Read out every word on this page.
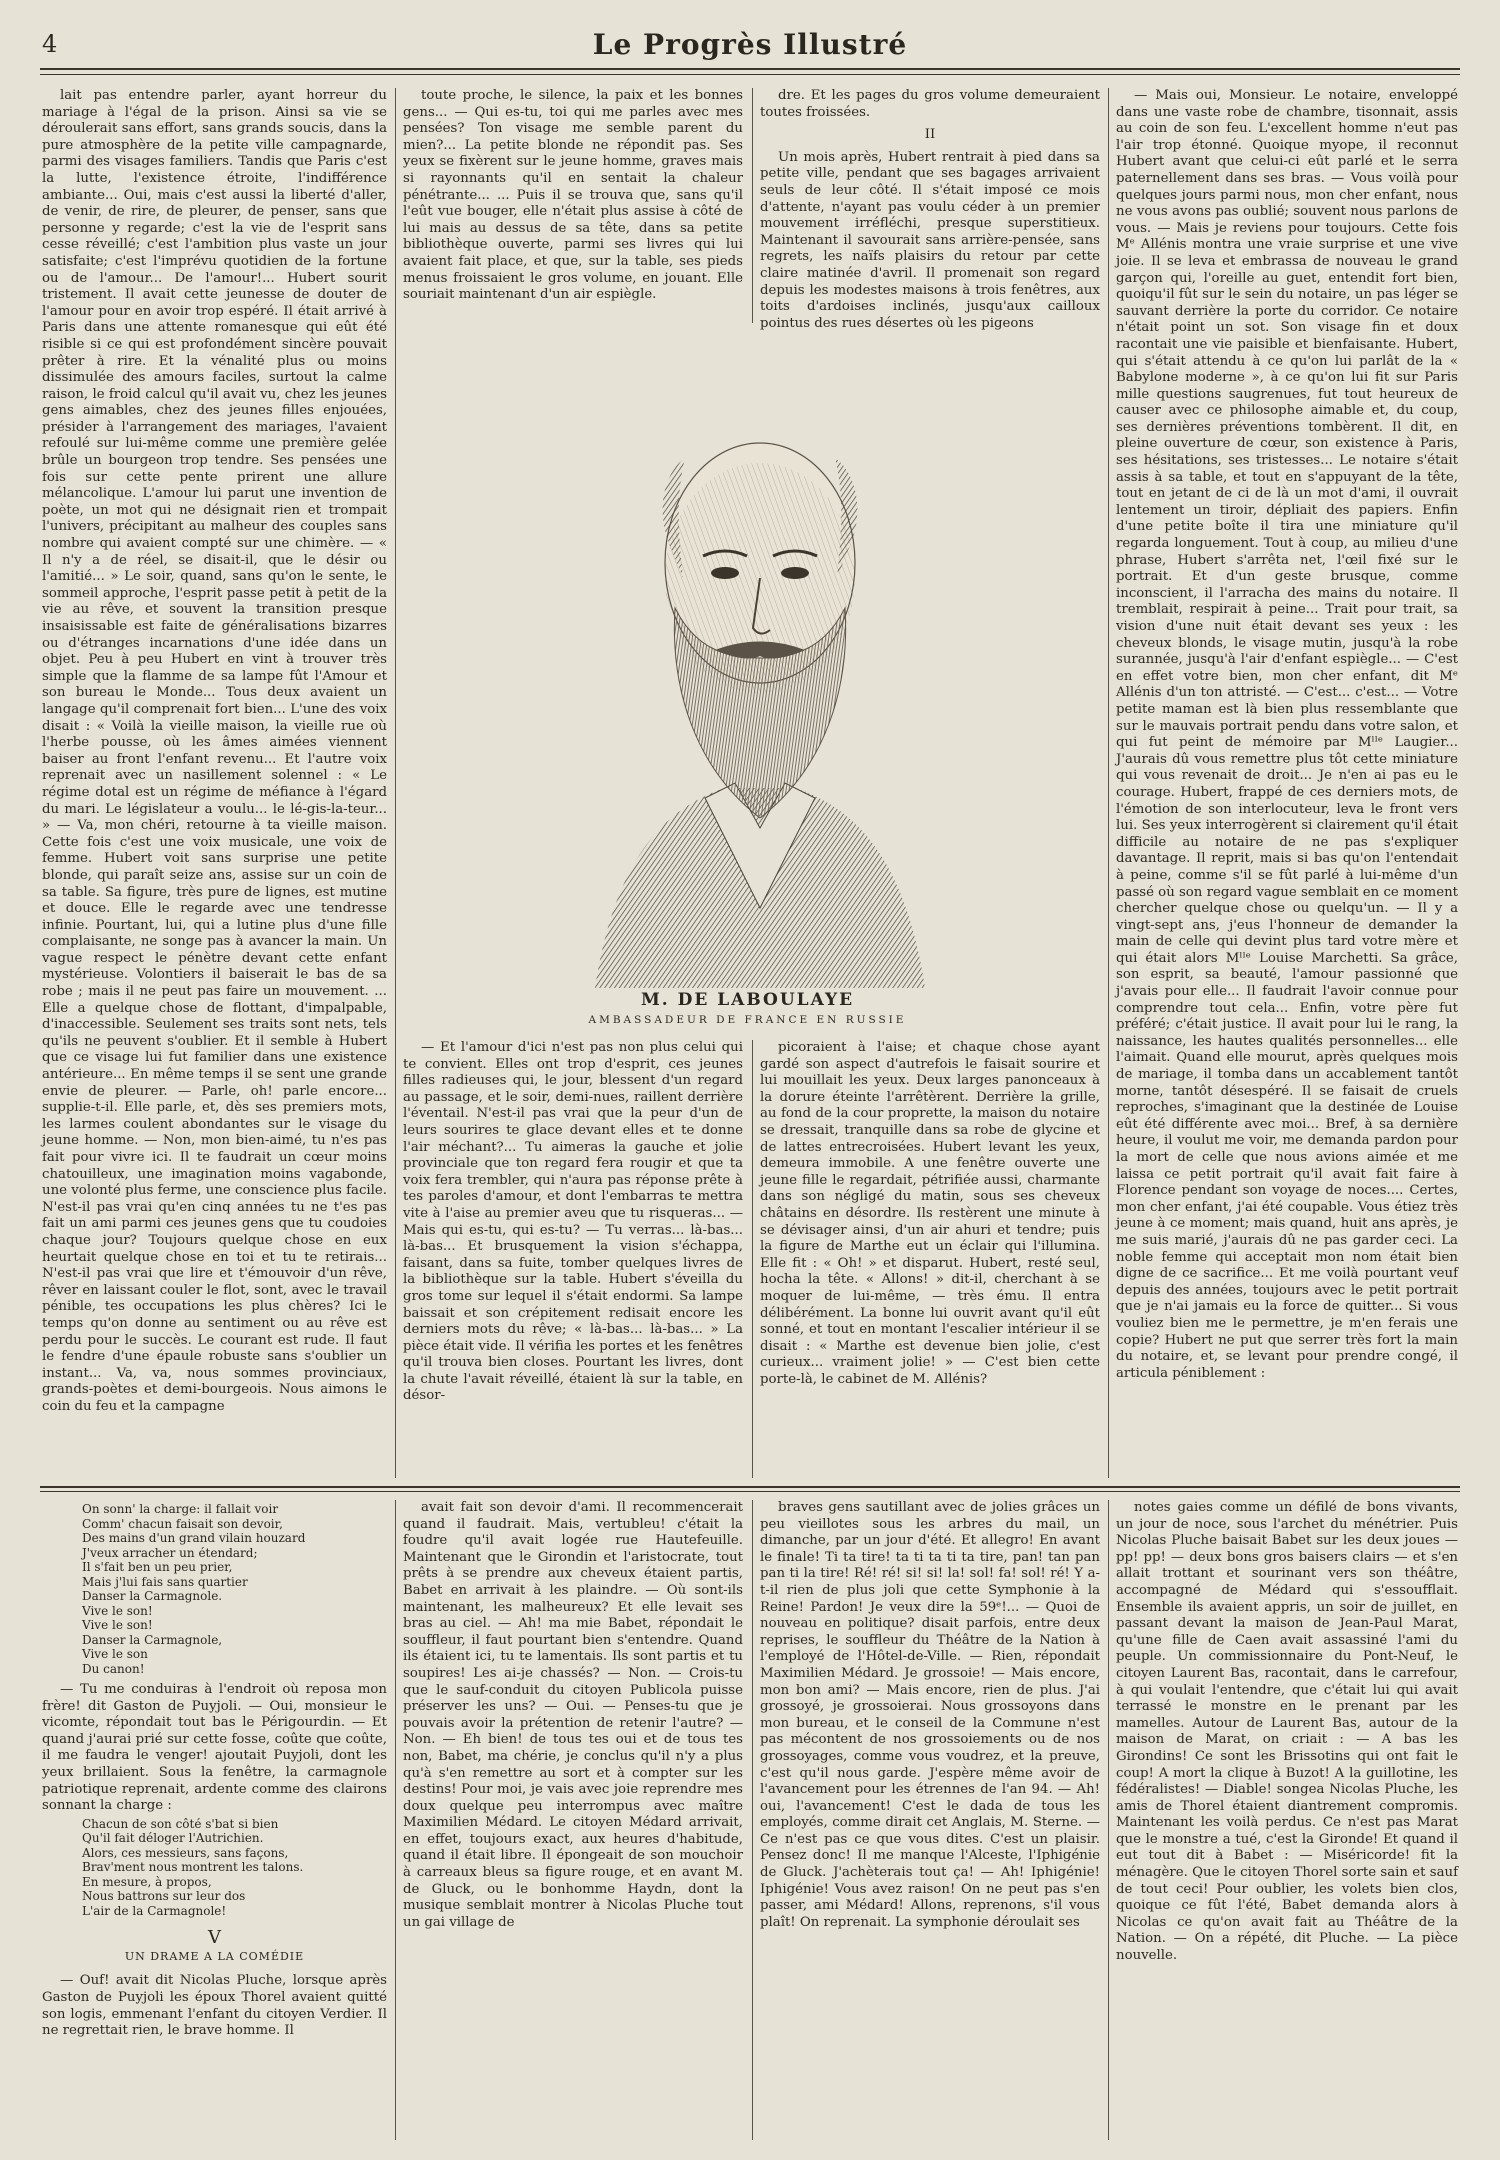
4	Le Progrès Illustré

lait pas entendre parler, ayant horreur du mariage à l'égal de la prison. Ainsi sa vie se déroulerait sans effort, sans grands soucis, dans la pure atmosphère de la petite ville campagnarde, parmi des visages familiers. Tandis que Paris c'est la lutte, l'existence étroite, l'indifférence ambiante... Oui, mais c'est aussi la liberté d'aller, de venir, de rire, de pleurer, de penser, sans que personne y regarde; c'est la vie de l'esprit sans cesse réveillé; c'est l'ambition plus vaste un jour satisfaite; c'est l'imprévu quotidien de la fortune ou de l'amour... De l'amour!... Hubert sourit tristement. Il avait cette jeunesse de douter de l'amour pour en avoir trop espéré. Il était arrivé à Paris dans une attente romanesque qui eût été risible si ce qui est profondément sincère pouvait prêter à rire. Et la vénalité plus ou moins dissimulée des amours faciles, surtout la calme raison, le froid calcul qu'il avait vu, chez les jeunes gens aimables, chez des jeunes filles enjouées, présider à l'arrangement des mariages, l'avaient refoulé sur lui-même comme une première gelée brûle un bourgeon trop tendre. Ses pensées une fois sur cette pente prirent une allure mélancolique. L'amour lui parut une invention de poète, un mot qui ne désignait rien et trompait l'univers, précipitant au malheur des couples sans nombre qui avaient compté sur une chimère. — « Il n'y a de réel, se disait-il, que le désir ou l'amitié... » Le soir, quand, sans qu'on le sente, le sommeil approche, l'esprit passe petit à petit de la vie au rêve, et souvent la transition presque insaisissable est faite de généralisations bizarres ou d'étranges incarnations d'une idée dans un objet. Peu à peu Hubert en vint à trouver très simple que la flamme de sa lampe fût l'Amour et son bureau le Monde... Tous deux avaient un langage qu'il comprenait fort bien... L'une des voix disait : « Voilà la vieille maison, la vieille rue où l'herbe pousse, où les âmes aimées viennent baiser au front l'enfant revenu... Et l'autre voix reprenait avec un nasillement solennel : « Le régime dotal est un régime de méfiance à l'égard du mari. Le législateur a voulu... le lé-gis-la-teur... » — Va, mon chéri, retourne à ta vieille maison. Cette fois c'est une voix musicale, une voix de femme. Hubert voit sans surprise une petite blonde, qui paraît seize ans, assise sur un coin de sa table. Sa figure, très pure de lignes, est mutine et douce. Elle le regarde avec une tendresse infinie. Pourtant, lui, qui a lutine plus d'une fille complaisante, ne songe pas à avancer la main. Un vague respect le pénètre devant cette enfant mystérieuse. Volontiers il baiserait le bas de sa robe ; mais il ne peut pas faire un mouvement. ... Elle a quelque chose de flottant, d'impalpable, d'inaccessible. Seulement ses traits sont nets, tels qu'ils ne peuvent s'oublier. Et il semble à Hubert que ce visage lui fut familier dans une existence antérieure... En même temps il se sent une grande envie de pleurer. — Parle, oh! parle encore... supplie-t-il. Elle parle, et, dès ses premiers mots, les larmes coulent abondantes sur le visage du jeune homme. — Non, mon bien-aimé, tu n'es pas fait pour vivre ici. Il te faudrait un cœur moins chatouilleux, une imagination moins vagabonde, une volonté plus ferme, une conscience plus facile. N'est-il pas vrai qu'en cinq années tu ne t'es pas fait un ami parmi ces jeunes gens que tu coudoies chaque jour? Toujours quelque chose en eux heurtait quelque chose en toi et tu te retirais... N'est-il pas vrai que lire et t'émouvoir d'un rêve, rêver en laissant couler le flot, sont, avec le travail pénible, tes occupations les plus chères? Ici le temps qu'on donne au sentiment ou au rêve est perdu pour le succès. Le courant est rude. Il faut le fendre d'une épaule robuste sans s'oublier un instant... Va, va, nous sommes provinciaux, grands-poètes et demi-bourgeois. Nous aimons le coin du feu et la campagne

toute proche, le silence, la paix et les bonnes gens... — Qui es-tu, toi qui me parles avec mes pensées? Ton visage me semble parent du mien?... La petite blonde ne répondit pas. Ses yeux se fixèrent sur le jeune homme, graves mais si rayonnants qu'il en sentait la chaleur pénétrante... ... Puis il se trouva que, sans qu'il l'eût vue bouger, elle n'était plus assise à côté de lui mais au dessus de sa tête, dans sa petite bibliothèque ouverte, parmi ses livres qui lui avaient fait place, et que, sur la table, ses pieds menus froissaient le gros volume, en jouant. Elle souriait maintenant d'un air espiègle.

dre. Et les pages du gros volume demeuraient toutes froissées.

II

Un mois après, Hubert rentrait à pied dans sa petite ville, pendant que ses bagages arrivaient seuls de leur côté. Il s'était imposé ce mois d'attente, n'ayant pas voulu céder à un premier mouvement irréfléchi, presque superstitieux. Maintenant il savourait sans arrière-pensée, sans regrets, les naïfs plaisirs du retour par cette claire matinée d'avril. Il promenait son regard depuis les modestes maisons à trois fenêtres, aux toits d'ardoises inclinés, jusqu'aux cailloux pointus des rues désertes où les pigeons

— Mais oui, Monsieur. Le notaire, enveloppé dans une vaste robe de chambre, tisonnait, assis au coin de son feu. L'excellent homme n'eut pas l'air trop étonné. Quoique myope, il reconnut Hubert avant que celui-ci eût parlé et le serra paternellement dans ses bras. — Vous voilà pour quelques jours parmi nous, mon cher enfant, nous ne vous avons pas oublié; souvent nous parlons de vous. — Mais je reviens pour toujours. Cette fois Mᵉ Allénis montra une vraie surprise et une vive joie. Il se leva et embrassa de nouveau le grand garçon qui, l'oreille au guet, entendit fort bien, quoiqu'il fût sur le sein du notaire, un pas léger se sauvant derrière la porte du corridor. Ce notaire n'était point un sot. Son visage fin et doux racontait une vie paisible et bienfaisante. Hubert, qui s'était attendu à ce qu'on lui parlât de la « Babylone moderne », à ce qu'on lui fit sur Paris mille questions saugrenues, fut tout heureux de causer avec ce philosophe aimable et, du coup, ses dernières préventions tombèrent. Il dit, en pleine ouverture de cœur, son existence à Paris, ses hésitations, ses tristesses... Le notaire s'était assis à sa table, et tout en s'appuyant de la tête, tout en jetant de ci de là un mot d'ami, il ouvrait lentement un tiroir, dépliait des papiers. Enfin d'une petite boîte il tira une miniature qu'il regarda longuement. Tout à coup, au milieu d'une phrase, Hubert s'arrêta net, l'œil fixé sur le portrait. Et d'un geste brusque, comme inconscient, il l'arracha des mains du notaire. Il tremblait, respirait à peine... Trait pour trait, sa vision d'une nuit était devant ses yeux : les cheveux blonds, le visage mutin, jusqu'à la robe surannée, jusqu'à l'air d'enfant espiègle... — C'est en effet votre bien, mon cher enfant, dit Mᵉ Allénis d'un ton attristé. — C'est... c'est... — Votre petite maman est là bien plus ressemblante que sur le mauvais portrait pendu dans votre salon, et qui fut peint de mémoire par Mˡˡᵉ Laugier... J'aurais dû vous remettre plus tôt cette miniature qui vous revenait de droit... Je n'en ai pas eu le courage. Hubert, frappé de ces derniers mots, de l'émotion de son interlocuteur, leva le front vers lui. Ses yeux interrogèrent si clairement qu'il était difficile au notaire de ne pas s'expliquer davantage. Il reprit, mais si bas qu'on l'entendait à peine, comme s'il se fût parlé à lui-même d'un passé où son regard vague semblait en ce moment chercher quelque chose ou quelqu'un. — Il y a vingt-sept ans, j'eus l'honneur de demander la main de celle qui devint plus tard votre mère et qui était alors Mˡˡᵉ Louise Marchetti. Sa grâce, son esprit, sa beauté, l'amour passionné que j'avais pour elle... Il faudrait l'avoir connue pour comprendre tout cela... Enfin, votre père fut préféré; c'était justice. Il avait pour lui le rang, la naissance, les hautes qualités personnelles... elle l'aimait. Quand elle mourut, après quelques mois de mariage, il tomba dans un accablement tantôt morne, tantôt désespéré. Il se faisait de cruels reproches, s'imaginant que la destinée de Louise eût été différente avec moi... Bref, à sa dernière heure, il voulut me voir, me demanda pardon pour la mort de celle que nous avions aimée et me laissa ce petit portrait qu'il avait fait faire à Florence pendant son voyage de noces.... Certes, mon cher enfant, j'ai été coupable. Vous étiez très jeune à ce moment; mais quand, huit ans après, je me suis marié, j'aurais dû ne pas garder ceci. La noble femme qui acceptait mon nom était bien digne de ce sacrifice... Et me voilà pourtant veuf depuis des années, toujours avec le petit portrait que je n'ai jamais eu la force de quitter... Si vous vouliez bien me le permettre, je m'en ferais une copie? Hubert ne put que serrer très fort la main du notaire, et, se levant pour prendre congé, il articula péniblement :

M. DE LABOULAYE
AMBASSADEUR DE FRANCE EN RUSSIE

— Et l'amour d'ici n'est pas non plus celui qui te convient. Elles ont trop d'esprit, ces jeunes filles radieuses qui, le jour, blessent d'un regard au passage, et le soir, demi-nues, raillent derrière l'éventail. N'est-il pas vrai que la peur d'un de leurs sourires te glace devant elles et te donne l'air méchant?... Tu aimeras la gauche et jolie provinciale que ton regard fera rougir et que ta voix fera trembler, qui n'aura pas réponse prête à tes paroles d'amour, et dont l'embarras te mettra vite à l'aise au premier aveu que tu risqueras... — Mais qui es-tu, qui es-tu? — Tu verras... là-bas... là-bas... Et brusquement la vision s'échappa, faisant, dans sa fuite, tomber quelques livres de la bibliothèque sur la table. Hubert s'éveilla du gros tome sur lequel il s'était endormi. Sa lampe baissait et son crépitement redisait encore les derniers mots du rêve; « là-bas... là-bas... » La pièce était vide. Il vérifia les portes et les fenêtres qu'il trouva bien closes. Pourtant les livres, dont la chute l'avait réveillé, étaient là sur la table, en désor-

picoraient à l'aise; et chaque chose ayant gardé son aspect d'autrefois le faisait sourire et lui mouillait les yeux. Deux larges panonceaux à la dorure éteinte l'arrêtèrent. Derrière la grille, au fond de la cour proprette, la maison du notaire se dressait, tranquille dans sa robe de glycine et de lattes entrecroisées. Hubert levant les yeux, demeura immobile. A une fenêtre ouverte une jeune fille le regardait, pétrifiée aussi, charmante dans son négligé du matin, sous ses cheveux châtains en désordre. Ils restèrent une minute à se dévisager ainsi, d'un air ahuri et tendre; puis la figure de Marthe eut un éclair qui l'illumina. Elle fit : « Oh! » et disparut. Hubert, resté seul, hocha la tête. « Allons! » dit-il, cherchant à se moquer de lui-même, — très ému. Il entra délibérément. La bonne lui ouvrit avant qu'il eût sonné, et tout en montant l'escalier intérieur il se disait : « Marthe est devenue bien jolie, c'est curieux... vraiment jolie! » — C'est bien cette porte-là, le cabinet de M. Allénis?

On sonn' la charge: il fallait voir
Comm' chacun faisait son devoir,
Des mains d'un grand vilain houzard
J'veux arracher un étendard;
Il s'fait ben un peu prier,
Mais j'lui fais sans quartier
Danser la Carmagnole.
Vive le son!
Vive le son!
Danser la Carmagnole,
Vive le son
Du canon!

— Tu me conduiras à l'endroit où reposa mon frère! dit Gaston de Puyjoli. — Oui, monsieur le vicomte, répondait tout bas le Périgourdin. — Et quand j'aurai prié sur cette fosse, coûte que coûte, il me faudra le venger! ajoutait Puyjoli, dont les yeux brillaient. Sous la fenêtre, la carmagnole patriotique reprenait, ardente comme des clairons sonnant la charge :

Chacun de son côté s'bat si bien
Qu'il fait déloger l'Autrichien.
Alors, ces messieurs, sans façons,
Brav'ment nous montrent les talons.
En mesure, à propos,
Nous battrons sur leur dos
L'air de la Carmagnole!

V

UN DRAME A LA COMÉDIE

— Ouf! avait dit Nicolas Pluche, lorsque après Gaston de Puyjoli les époux Thorel avaient quitté son logis, emmenant l'enfant du citoyen Verdier. Il ne regrettait rien, le brave homme. Il

avait fait son devoir d'ami. Il recommencerait quand il faudrait. Mais, vertubleu! c'était la foudre qu'il avait logée rue Hautefeuille. Maintenant que le Girondin et l'aristocrate, tout prêts à se prendre aux cheveux étaient partis, Babet en arrivait à les plaindre. — Où sont-ils maintenant, les malheureux? Et elle levait ses bras au ciel. — Ah! ma mie Babet, répondait le souffleur, il faut pourtant bien s'entendre. Quand ils étaient ici, tu te lamentais. Ils sont partis et tu soupires! Les ai-je chassés? — Non. — Crois-tu que le sauf-conduit du citoyen Publicola puisse préserver les uns? — Oui. — Penses-tu que je pouvais avoir la prétention de retenir l'autre? — Non. — Eh bien! de tous tes oui et de tous tes non, Babet, ma chérie, je conclus qu'il n'y a plus qu'à s'en remettre au sort et à compter sur les destins! Pour moi, je vais avec joie reprendre mes doux quelque peu interrompus avec maître Maximilien Médard. Le citoyen Médard arrivait, en effet, toujours exact, aux heures d'habitude, quand il était libre. Il épongeait de son mouchoir à carreaux bleus sa figure rouge, et en avant M. de Gluck, ou le bonhomme Haydn, dont la musique semblait montrer à Nicolas Pluche tout un gai village de

braves gens sautillant avec de jolies grâces un peu vieillotes sous les arbres du mail, un dimanche, par un jour d'été. Et allegro! En avant le finale! Ti ta tire! ta ti ta ti ta tire, pan! tan pan pan ti la tire! Ré! ré! si! si! la! sol! fa! sol! ré! Y a-t-il rien de plus joli que cette Symphonie à la Reine! Pardon! Je veux dire la 59ᵉ!... — Quoi de nouveau en politique? disait parfois, entre deux reprises, le souffleur du Théâtre de la Nation à l'employé de l'Hôtel-de-Ville. — Rien, répondait Maximilien Médard. Je grossoie! — Mais encore, mon bon ami? — Mais encore, rien de plus. J'ai grossoyé, je grossoierai. Nous grossoyons dans mon bureau, et le conseil de la Commune n'est pas mécontent de nos grossoiements ou de nos grossoyages, comme vous voudrez, et la preuve, c'est qu'il nous garde. J'espère même avoir de l'avancement pour les étrennes de l'an 94. — Ah! oui, l'avancement! C'est le dada de tous les employés, comme dirait cet Anglais, M. Sterne. — Ce n'est pas ce que vous dites. C'est un plaisir. Pensez donc! Il me manque l'Alceste, l'Iphigénie de Gluck. J'achèterais tout ça! — Ah! Iphigénie! Iphigénie! Vous avez raison! On ne peut pas s'en passer, ami Médard! Allons, reprenons, s'il vous plaît! On reprenait. La symphonie déroulait ses

notes gaies comme un défilé de bons vivants, un jour de noce, sous l'archet du ménétrier. Puis Nicolas Pluche baisait Babet sur les deux joues — pp! pp! — deux bons gros baisers clairs — et s'en allait trottant et sourinant vers son théâtre, accompagné de Médard qui s'essoufflait. Ensemble ils avaient appris, un soir de juillet, en passant devant la maison de Jean-Paul Marat, qu'une fille de Caen avait assassiné l'ami du peuple. Un commissionnaire du Pont-Neuf, le citoyen Laurent Bas, racontait, dans le carrefour, à qui voulait l'entendre, que c'était lui qui avait terrassé le monstre en le prenant par les mamelles. Autour de Laurent Bas, autour de la maison de Marat, on criait : — A bas les Girondins! Ce sont les Brissotins qui ont fait le coup! A mort la clique à Buzot! A la guillotine, les fédéralistes! — Diable! songea Nicolas Pluche, les amis de Thorel étaient diantrement compromis. Maintenant les voilà perdus. Ce n'est pas Marat que le monstre a tué, c'est la Gironde! Et quand il eut tout dit à Babet : — Miséricorde! fit la ménagère. Que le citoyen Thorel sorte sain et sauf de tout ceci! Pour oublier, les volets bien clos, quoique ce fût l'été, Babet demanda alors à Nicolas ce qu'on avait fait au Théâtre de la Nation. — On a répété, dit Pluche. — La pièce nouvelle.
